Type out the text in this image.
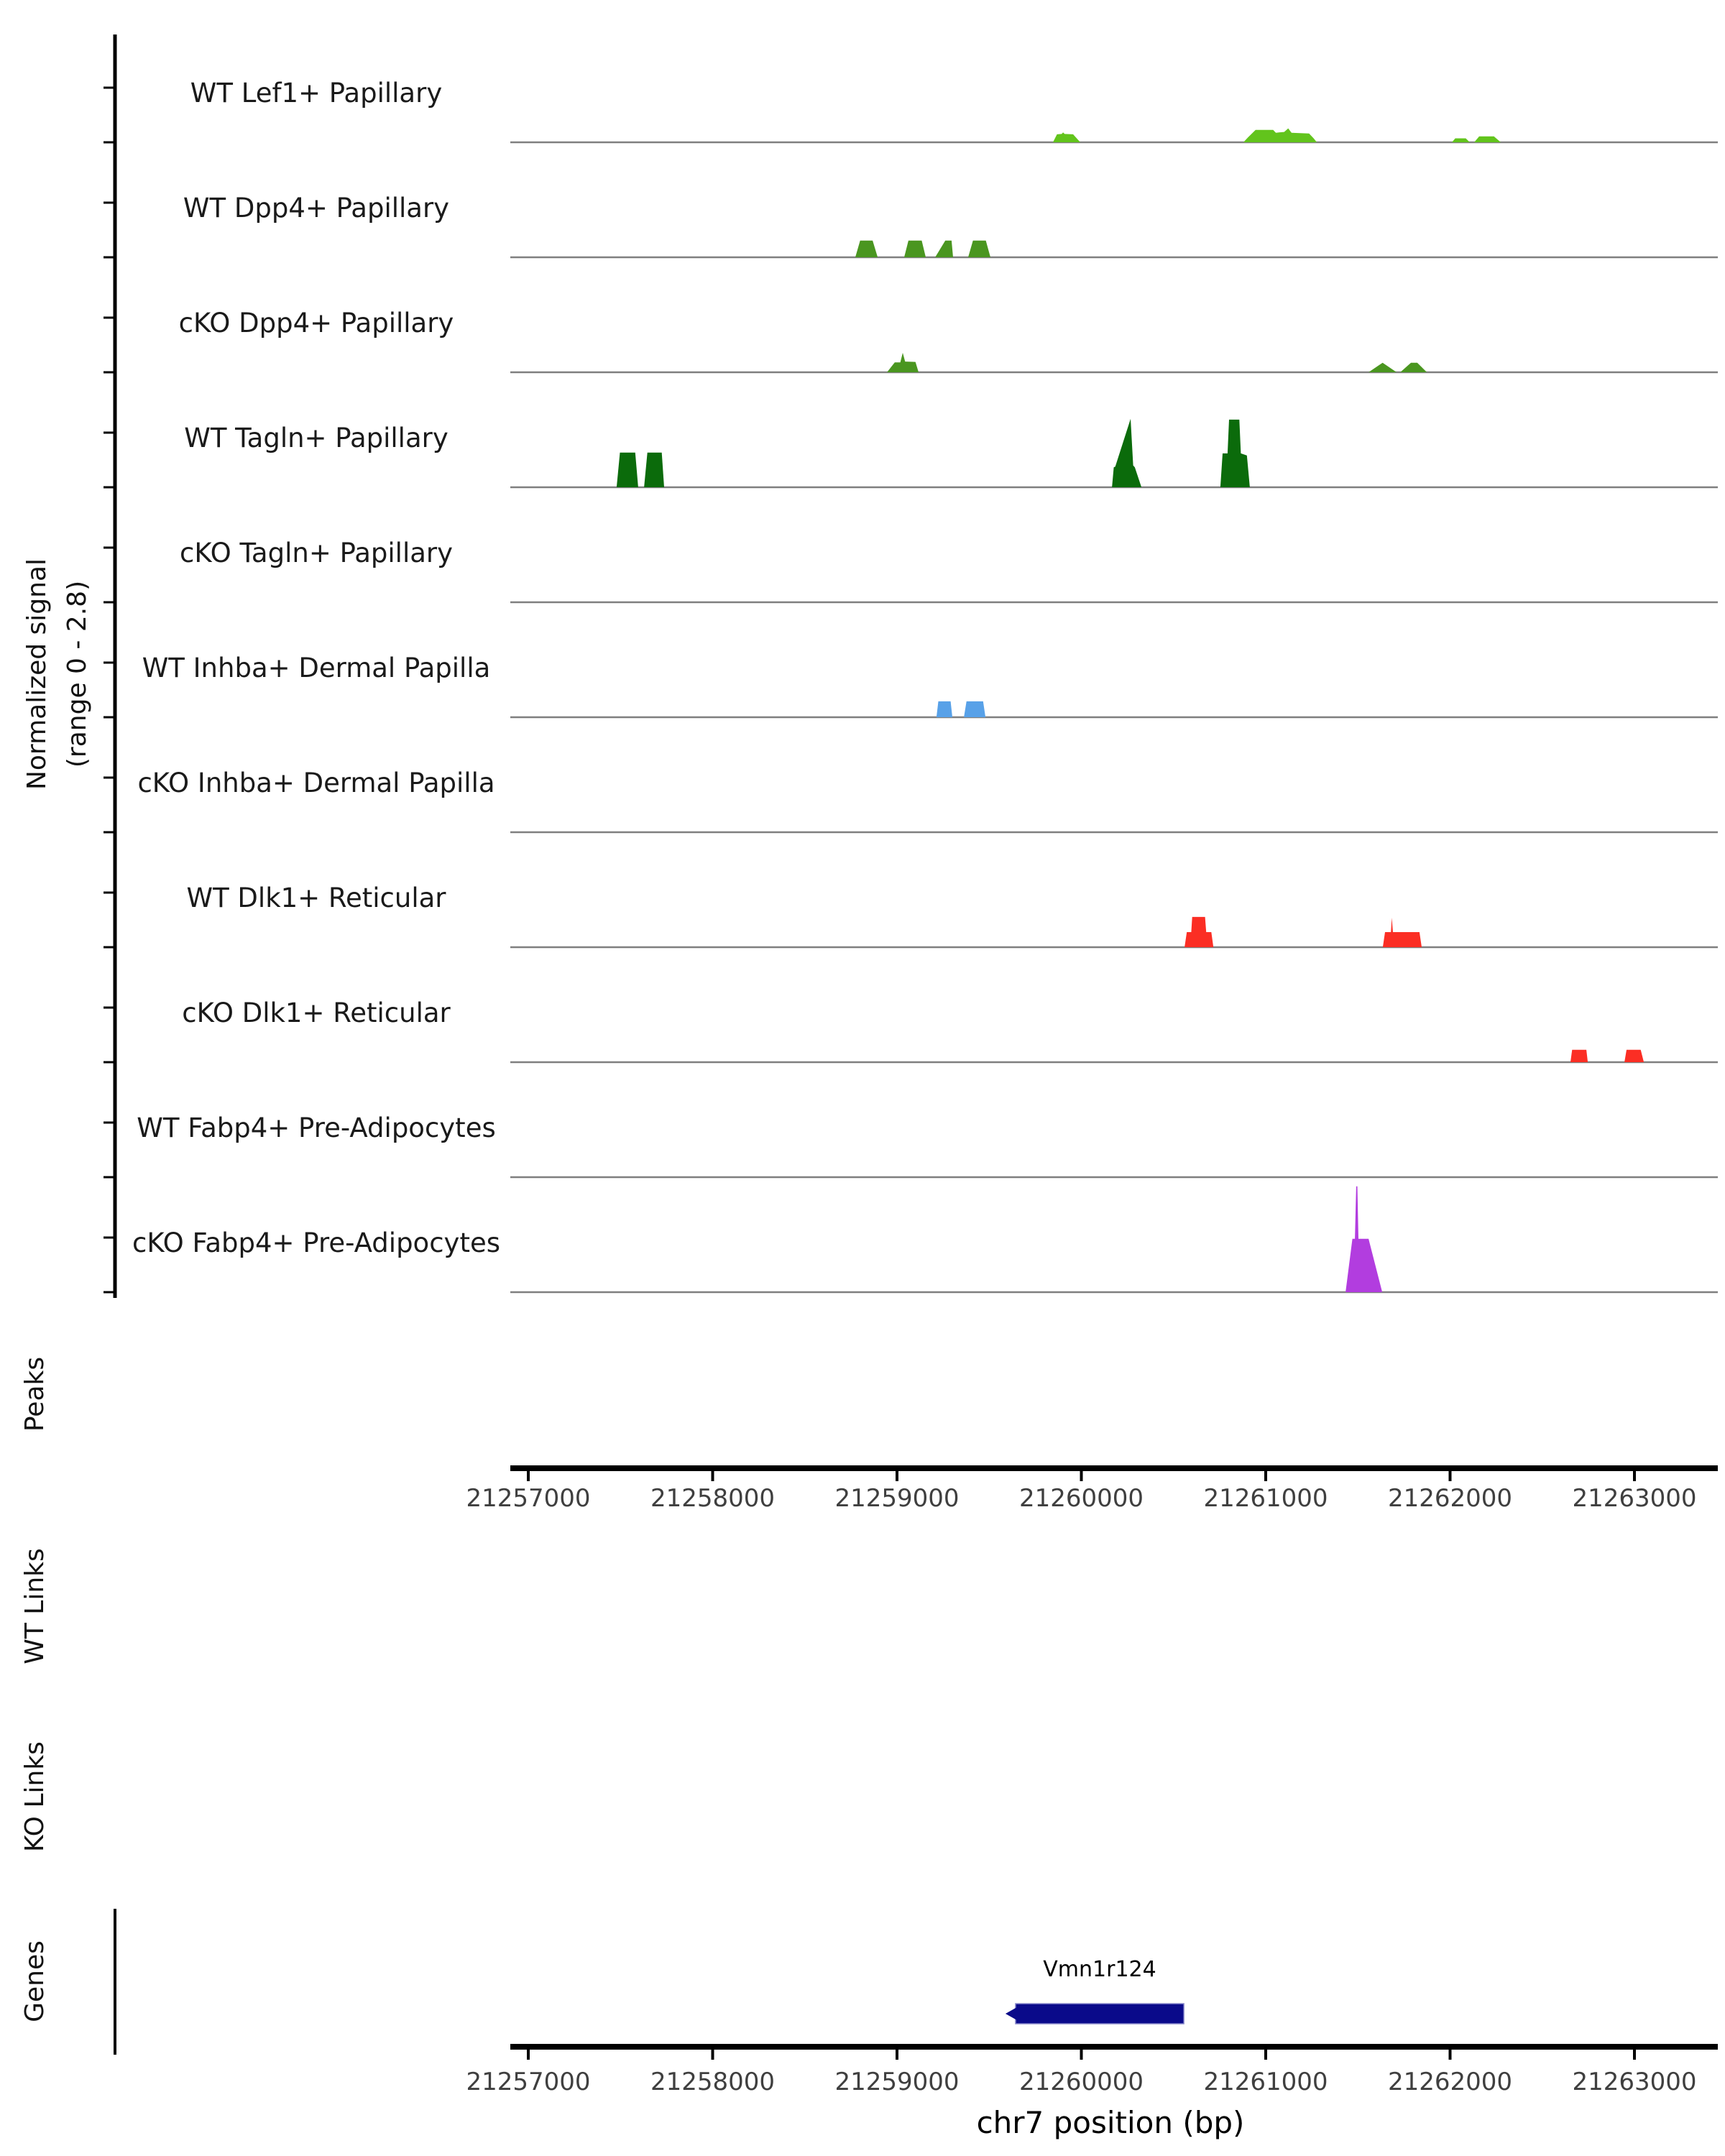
Normalized signal (range 0 - 2.8)
WT Lef1+ Papillary
WT Dpp4+ Papillary
cKO Dpp4+ Papillary
WT Tagln+ Papillary
cKO Tagln+ Papillary
WT Inhba+ Dermal Papilla
cKO Inhba+ Dermal Papilla
WT Dlk1+ Reticular
cKO Dlk1+ Reticular
WT Fabp4+ Pre-Adipocytes
cKO Fabp4+ Pre-Adipocytes
Peaks
WT Links
KO Links
Genes
21257000 21258000 21259000 21260000 21261000 21262000 21263000
Vmn1r124
21257000 21258000 21259000 21260000 21261000 21262000 21263000
chr7 position (bp)
